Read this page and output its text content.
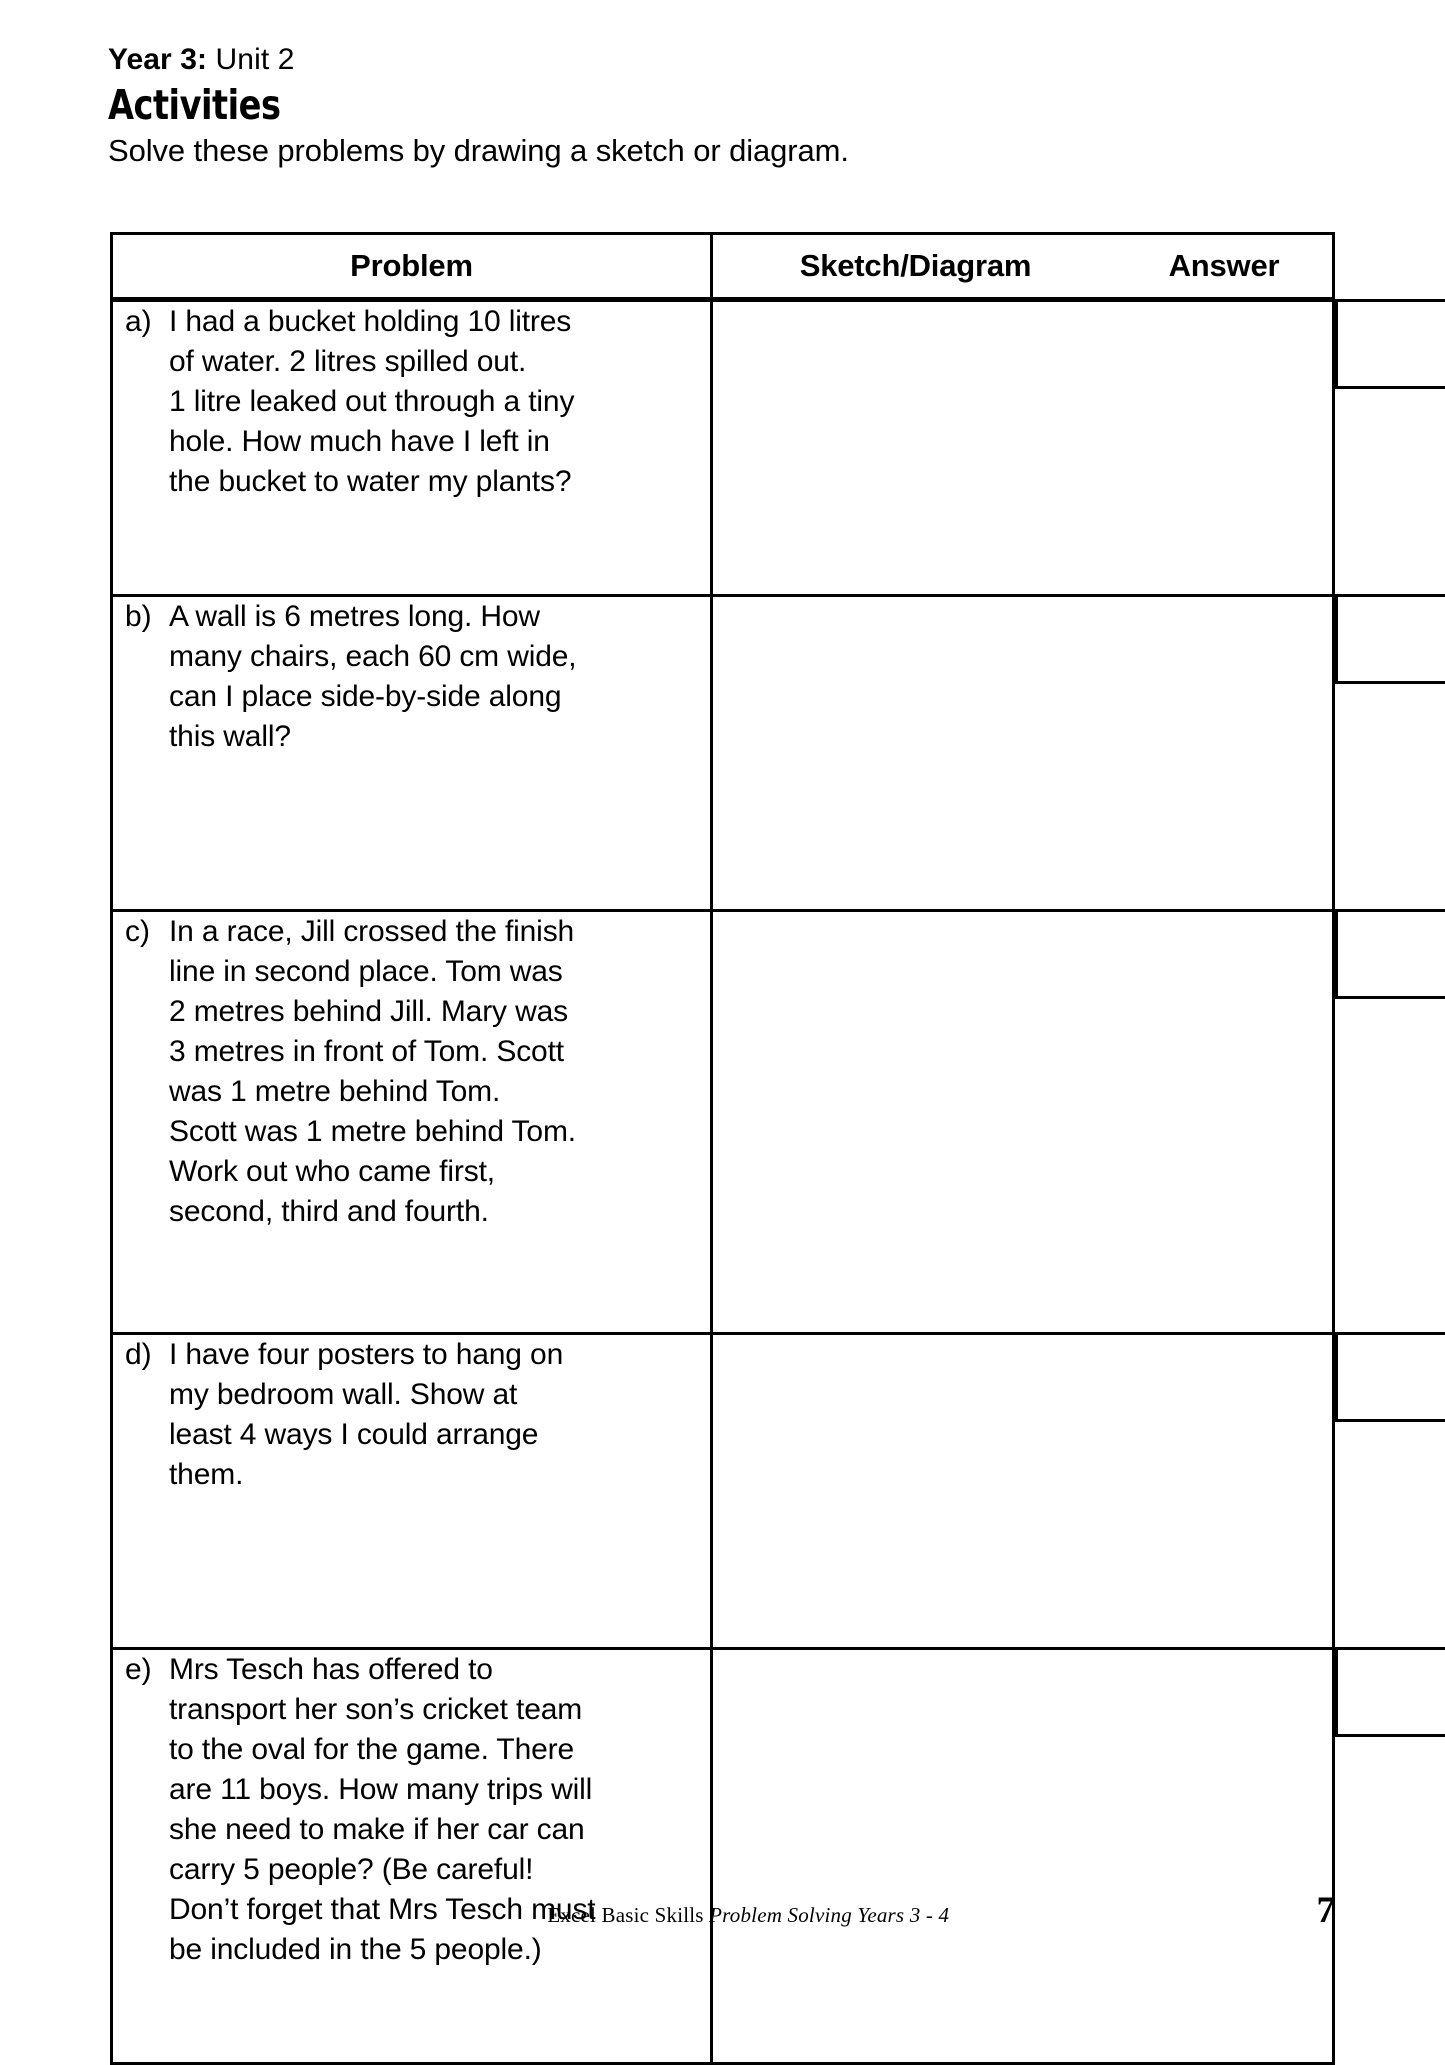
Year 3: Unit 2
Activities
Solve these problems by drawing a sketch or diagram.
Problem	Sketch/Diagram Answer

a) I had a bucket holding 10 litres
of water. 2 litres spilled out.
1 litre leaked out through a tiny
hole. How much have I left in
the bucket to water my plants?

b) A wall is 6 metres long. How
many chairs, each 60 cm wide,
can I place side-by-side along
this wall?	

c) In a race, Jill crossed the finish
line in second place. Tom was
2 metres behind Jill. Mary was
3 metres in front of Tom. Scott
was 1 metre behind Tom.
Scott was 1 metre behind Tom.
Work out who came first,
second, third and fourth.

d) I have four posters to hang on
my bedroom wall. Show at
least 4 ways I could arrange
them.	

e) Mrs Tesch has offered to
transport her son’s cricket team
to the oval for the game. There
are 11 boys. How many trips will
she need to make if her car can
carry 5 people? (Be careful!
Don’t forget that Mrs Tesch must
be included in the 5 people.)

Excel Basic Skills Problem Solving Years 3 - 4	7
